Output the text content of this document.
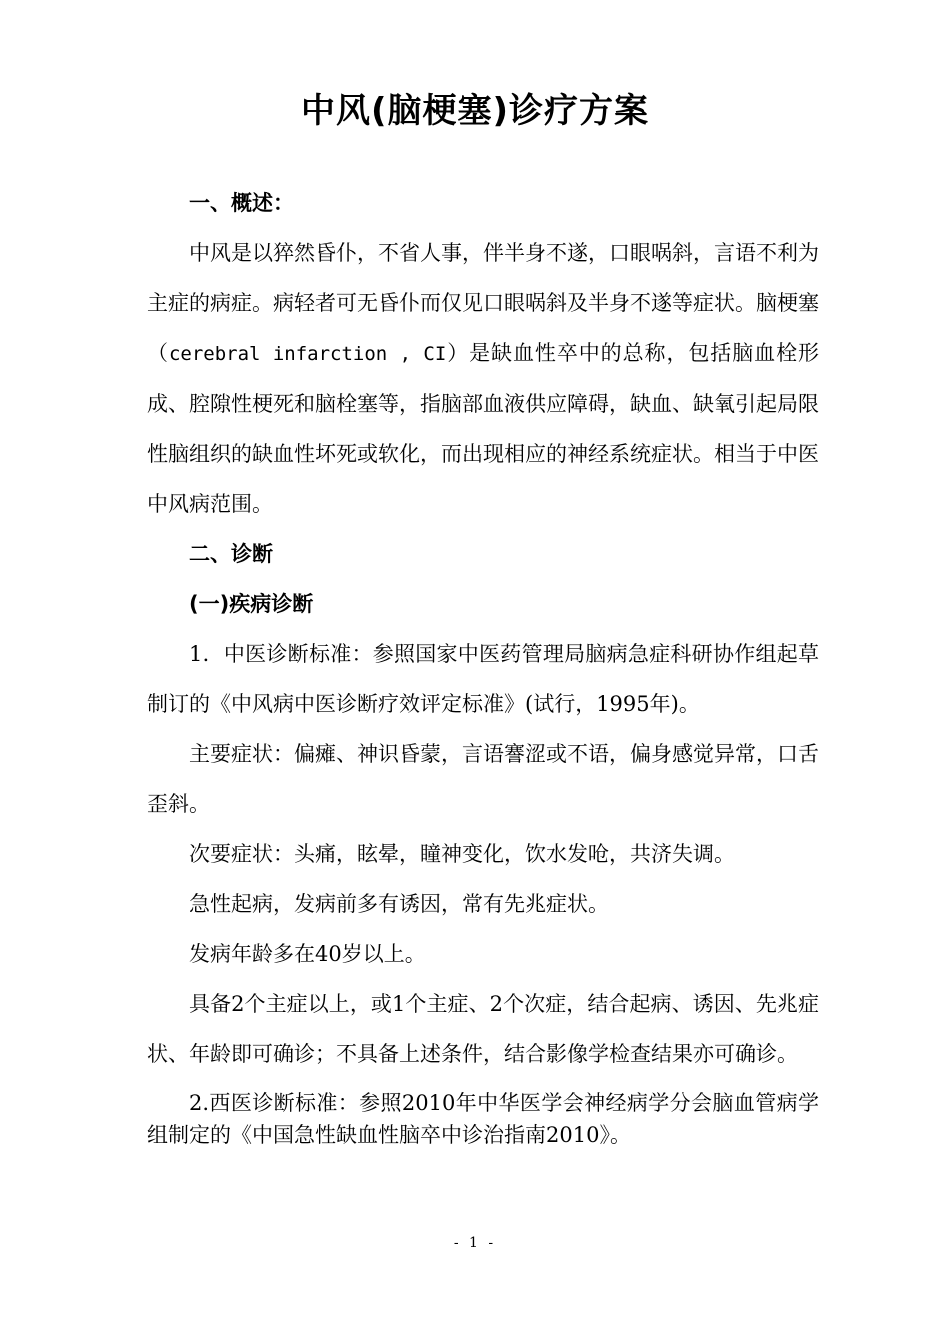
中风(脑梗塞)诊疗方案

一、概述：

中风是以猝然昏仆，不省人事，伴半身不遂，口眼㖞斜，言语不利为主症的病症。病轻者可无昏仆而仅见口眼㖞斜及半身不遂等症状。脑梗塞（cerebral infarction , CI）是缺血性卒中的总称，包括脑血栓形成、腔隙性梗死和脑栓塞等，指脑部血液供应障碍，缺血、缺氧引起局限性脑组织的缺血性坏死或软化，而出现相应的神经系统症状。相当于中医中风病范围。

二、诊断

(一)疾病诊断

1．中医诊断标准：参照国家中医药管理局脑病急症科研协作组起草制订的《中风病中医诊断疗效评定标准》(试行，1995年)。

主要症状：偏瘫、神识昏蒙，言语謇涩或不语，偏身感觉异常，口舌歪斜。

次要症状：头痛，眩晕，瞳神变化，饮水发呛，共济失调。

急性起病，发病前多有诱因，常有先兆症状。

发病年龄多在40岁以上。

具备2个主症以上，或1个主症、2个次症，结合起病、诱因、先兆症状、年龄即可确诊；不具备上述条件，结合影像学检查结果亦可确诊。

2.西医诊断标准：参照2010年中华医学会神经病学分会脑血管病学组制定的《中国急性缺血性脑卒中诊治指南2010》。

- 1 -
